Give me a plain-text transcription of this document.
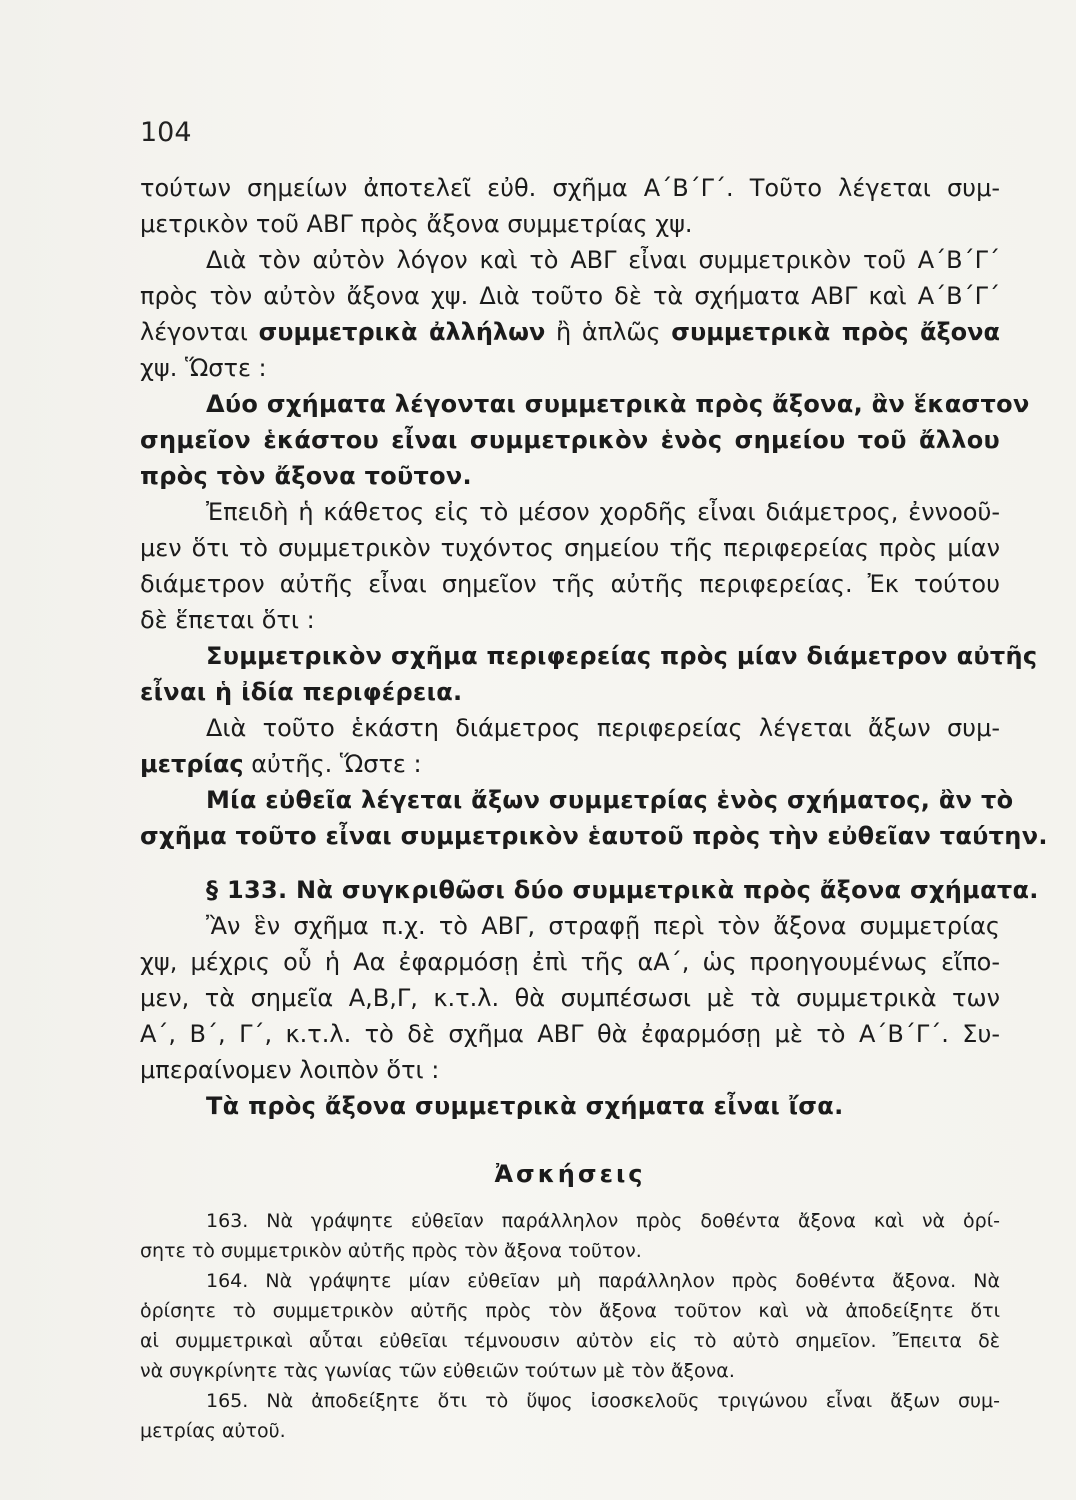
104
τούτων σημείων ἀποτελεῖ εὐθ. σχῆμα Α΄Β΄Γ΄. Τοῦτο λέγεται συμ-
μετρικὸν τοῦ ΑΒΓ πρὸς ἄξονα συμμετρίας χψ.
Διὰ τὸν αὐτὸν λόγον καὶ τὸ ΑΒΓ εἶναι συμμετρικὸν τοῦ Α΄Β΄Γ΄
πρὸς τὸν αὐτὸν ἄξονα χψ. Διὰ τοῦτο δὲ τὰ σχήματα ΑΒΓ καὶ Α΄Β΄Γ΄
λέγονται συμμετρικὰ ἀλλήλων ἢ ἁπλῶς συμμετρικὰ πρὸς ἄξονα
χψ. Ὥστε :
Δύο σχήματα λέγονται συμμετρικὰ πρὸς ἄξονα, ἂν ἕκαστον
σημεῖον ἑκάστου εἶναι συμμετρικὸν ἑνὸς σημείου τοῦ ἄλλου
πρὸς τὸν ἄξονα τοῦτον.
Ἐπειδὴ ἡ κάθετος εἰς τὸ μέσον χορδῆς εἶναι διάμετρος, ἐννοοῦ-
μεν ὅτι τὸ συμμετρικὸν τυχόντος σημείου τῆς περιφερείας πρὸς μίαν
διάμετρον αὐτῆς εἶναι σημεῖον τῆς αὐτῆς περιφερείας. Ἐκ τούτου
δὲ ἕπεται ὅτι :
Συμμετρικὸν σχῆμα περιφερείας πρὸς μίαν διάμετρον αὐτῆς
εἶναι ἡ ἰδία περιφέρεια.
Διὰ τοῦτο ἑκάστη διάμετρος περιφερείας λέγεται ἄξων συμ-
μετρίας αὐτῆς. Ὥστε :
Μία εὐθεῖα λέγεται ἄξων συμμετρίας ἑνὸς σχήματος, ἂν τὸ
σχῆμα τοῦτο εἶναι συμμετρικὸν ἑαυτοῦ πρὸς τὴν εὐθεῖαν ταύτην.
§ 133. Νὰ συγκριθῶσι δύο συμμετρικὰ πρὸς ἄξονα σχήματα.
Ἂν ἓν σχῆμα π.χ. τὸ ΑΒΓ, στραφῇ περὶ τὸν ἄξονα συμμετρίας
χψ, μέχρις οὗ ἡ Αα ἐφαρμόσῃ ἐπὶ τῆς αΑ΄, ὡς προηγουμένως εἴπο-
μεν, τὰ σημεῖα Α,Β,Γ, κ.τ.λ. θὰ συμπέσωσι μὲ τὰ συμμετρικὰ των
Α΄, Β΄, Γ΄, κ.τ.λ. τὸ δὲ σχῆμα ΑΒΓ θὰ ἐφαρμόσῃ μὲ τὸ Α΄Β΄Γ΄. Συ-
μπεραίνομεν λοιπὸν ὅτι :
Τὰ πρὸς ἄξονα συμμετρικὰ σχήματα εἶναι ἴσα.
Ἀσκήσεις
163. Νὰ γράψητε εὐθεῖαν παράλληλον πρὸς δοθέντα ἄξονα καὶ νὰ ὁρί-
σητε τὸ συμμετρικὸν αὐτῆς πρὸς τὸν ἄξονα τοῦτον.
164. Νὰ γράψητε μίαν εὐθεῖαν μὴ παράλληλον πρὸς δοθέντα ἄξονα. Νὰ
ὁρίσητε τὸ συμμετρικὸν αὐτῆς πρὸς τὸν ἄξονα τοῦτον καὶ νὰ ἀποδείξητε ὅτι
αἱ συμμετρικαὶ αὗται εὐθεῖαι τέμνουσιν αὐτὸν εἰς τὸ αὐτὸ σημεῖον. Ἔπειτα δὲ
νὰ συγκρίνητε τὰς γωνίας τῶν εὐθειῶν τούτων μὲ τὸν ἄξονα.
165. Νὰ ἀποδείξητε ὅτι τὸ ὕψος ἰσοσκελοῦς τριγώνου εἶναι ἄξων συμ-
μετρίας αὐτοῦ.
